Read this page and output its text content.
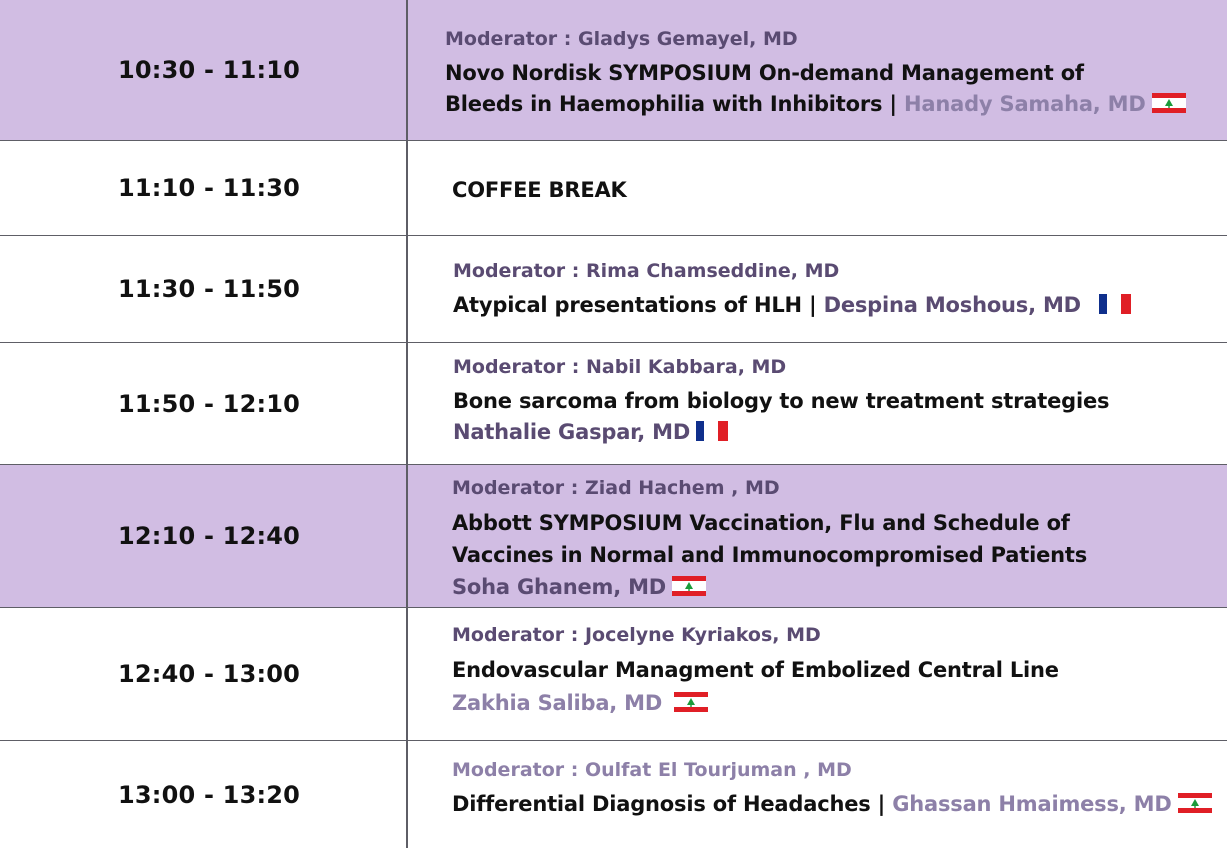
10:30 - 11:10
Moderator : Gladys Gemayel, MD
Novo Nordisk SYMPOSIUM On-demand Management of
Bleeds in Haemophilia with Inhibitors | Hanady Samaha, MD
11:10 - 11:30	COFFEE BREAK
11:30 - 11:50
Moderator : Rima Chamseddine, MD
Atypical presentations of HLH | Despina Moshous, MD
11:50 - 12:10
Moderator : Nabil Kabbara, MD
Bone sarcoma from biology to new treatment strategies
Nathalie Gaspar, MD
12:10 - 12:40
Moderator : Ziad Hachem , MD
Abbott SYMPOSIUM Vaccination, Flu and Schedule of
Vaccines in Normal and Immunocompromised Patients
Soha Ghanem, MD
12:40 - 13:00
Moderator : Jocelyne Kyriakos, MD
Endovascular Managment of Embolized Central Line
Zakhia Saliba, MD
13:00 - 13:20
Moderator : Oulfat El Tourjuman , MD
Differential Diagnosis of Headaches | Ghassan Hmaimess, MD
